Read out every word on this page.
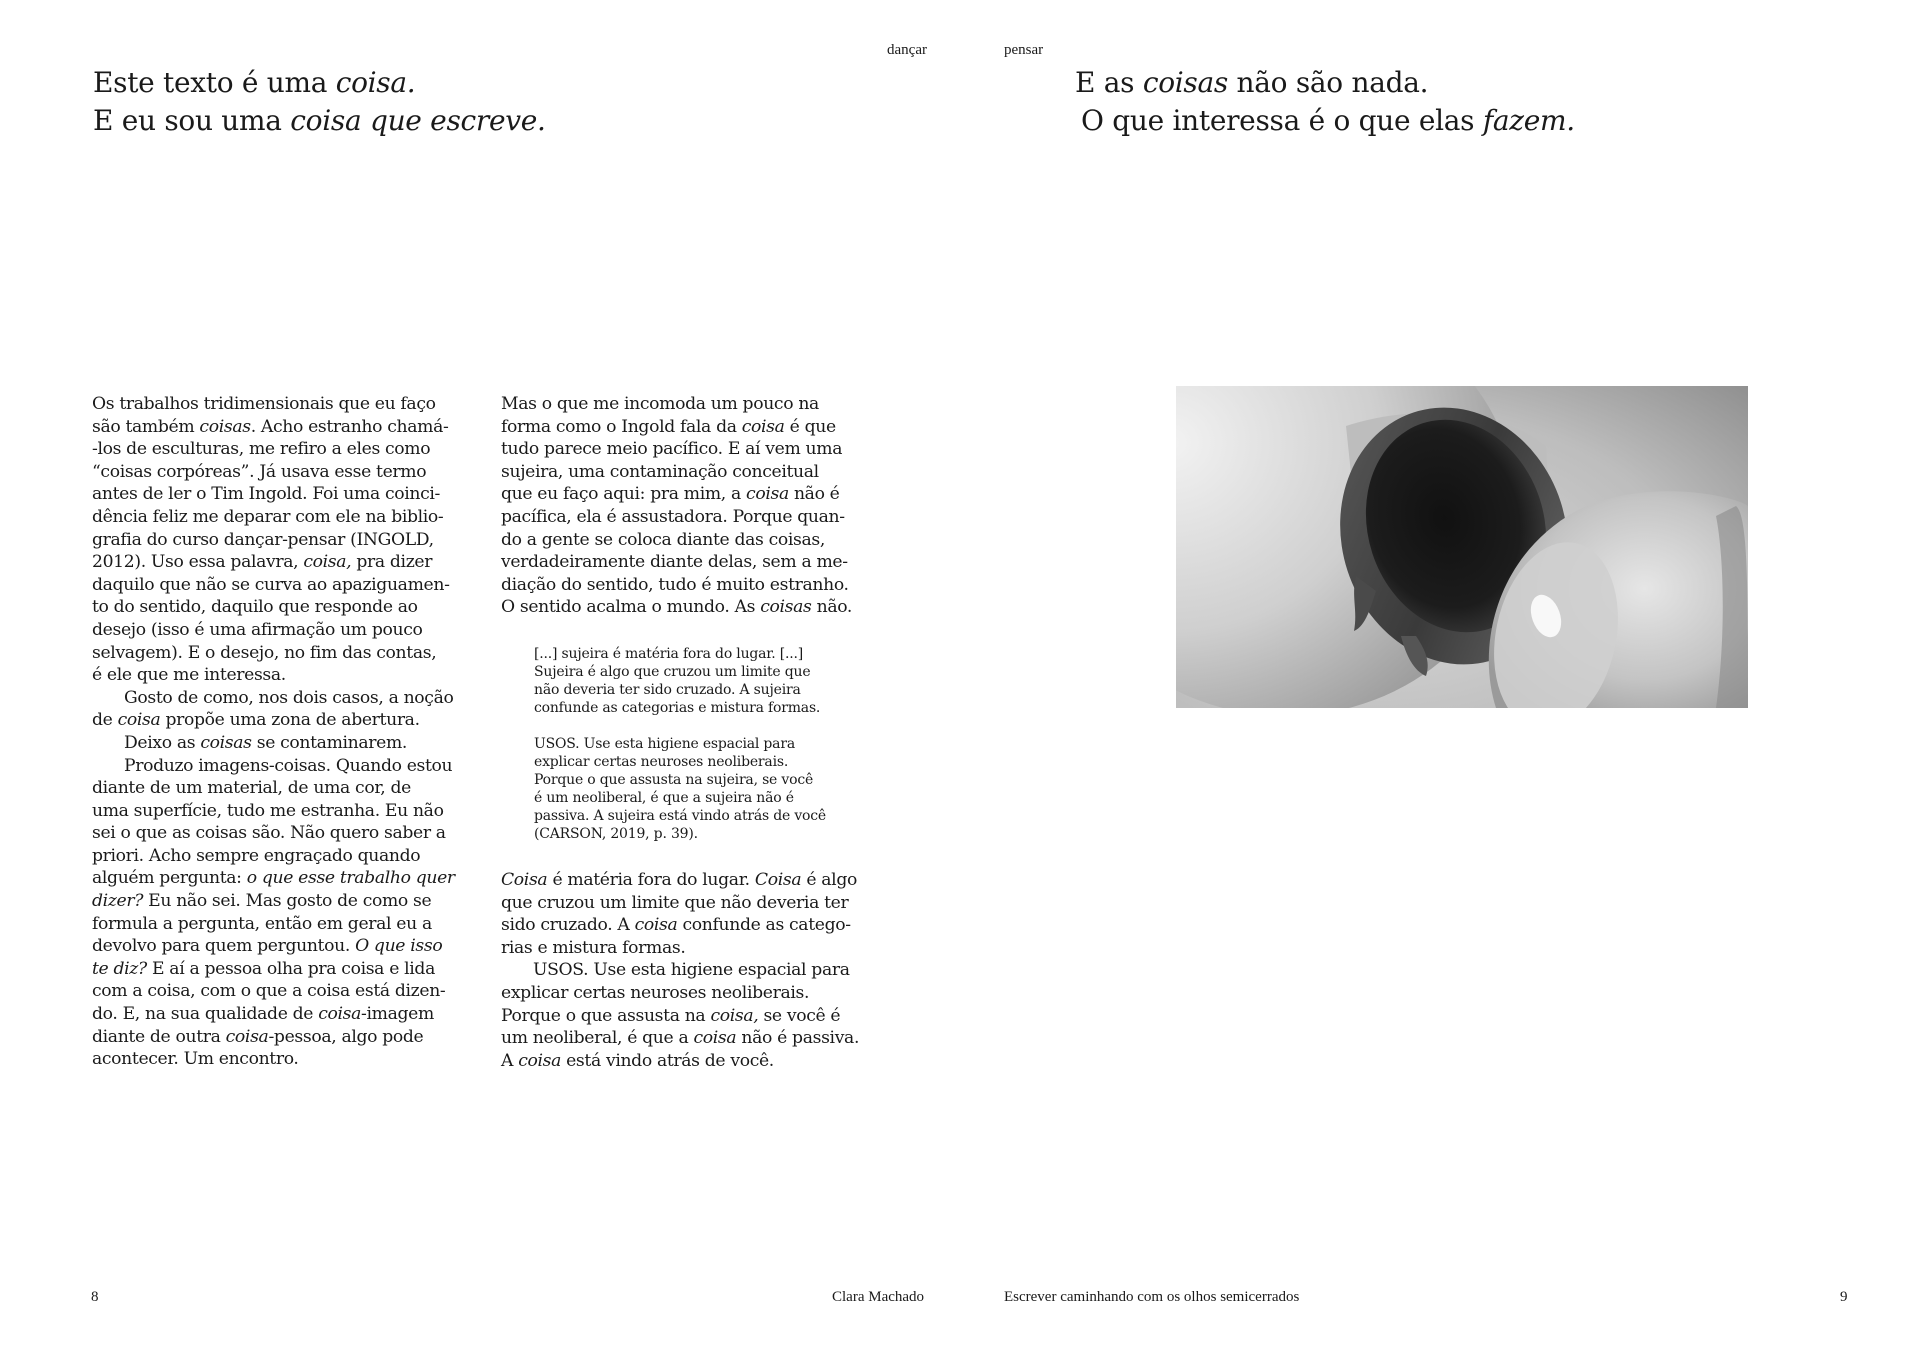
dançar	pensar
Este texto é uma coisa.
E eu sou uma coisa que escreve.
E as coisas não são nada.
O que interessa é o que elas fazem.

Os trabalhos tridimensionais que eu faço
são também coisas. Acho estranho chamá-
-los de esculturas, me refiro a eles como
“coisas corpóreas”. Já usava esse termo
antes de ler o Tim Ingold. Foi uma coinci-
dência feliz me deparar com ele na biblio-
grafia do curso dançar-pensar (INGOLD,
2012). Uso essa palavra, coisa, pra dizer
daquilo que não se curva ao apaziguamen-
to do sentido, daquilo que responde ao
desejo (isso é uma afirmação um pouco
selvagem). E o desejo, no fim das contas,
é ele que me interessa.

Gosto de como, nos dois casos, a noção
de coisa propõe uma zona de abertura.

Deixo as coisas se contaminarem.

Produzo imagens-coisas. Quando estou
diante de um material, de uma cor, de
uma superfície, tudo me estranha. Eu não
sei o que as coisas são. Não quero saber a
priori. Acho sempre engraçado quando
alguém pergunta: o que esse trabalho quer
dizer? Eu não sei. Mas gosto de como se
formula a pergunta, então em geral eu a
devolvo para quem perguntou. O que isso
te diz? E aí a pessoa olha pra coisa e lida
com a coisa, com o que a coisa está dizen-
do. E, na sua qualidade de coisa-imagem
diante de outra coisa-pessoa, algo pode
acontecer. Um encontro.

Mas o que me incomoda um pouco na
forma como o Ingold fala da coisa é que
tudo parece meio pacífico. E aí vem uma
sujeira, uma contaminação conceitual
que eu faço aqui: pra mim, a coisa não é
pacífica, ela é assustadora. Porque quan-
do a gente se coloca diante das coisas,
verdadeiramente diante delas, sem a me-
diação do sentido, tudo é muito estranho.
O sentido acalma o mundo. As coisas não.

[...] sujeira é matéria fora do lugar. [...]
Sujeira é algo que cruzou um limite que
não deveria ter sido cruzado. A sujeira
confunde as categorias e mistura formas.

USOS. Use esta higiene espacial para
explicar certas neuroses neoliberais.
Porque o que assusta na sujeira, se você
é um neoliberal, é que a sujeira não é
passiva. A sujeira está vindo atrás de você
(CARSON, 2019, p. 39).

Coisa é matéria fora do lugar. Coisa é algo
que cruzou um limite que não deveria ter
sido cruzado. A coisa confunde as catego-
rias e mistura formas.

USOS. Use esta higiene espacial para
explicar certas neuroses neoliberais.
Porque o que assusta na coisa, se você é
um neoliberal, é que a coisa não é passiva.
A coisa está vindo atrás de você.

8	Clara Machado	Escrever caminhando com os olhos semicerrados	9
